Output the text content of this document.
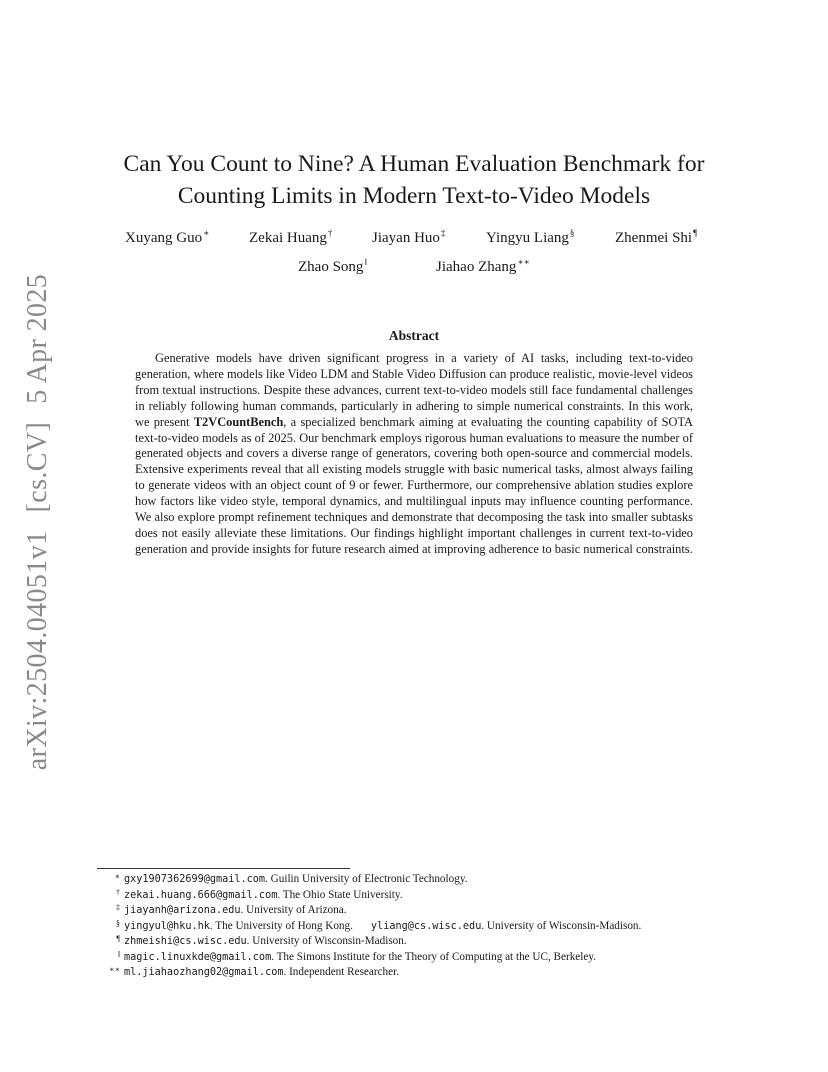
arXiv:2504.04051v1[cs.CV]5 Apr 2025
Can You Count to Nine? A Human Evaluation Benchmark for Counting Limits in Modern Text-to-Video Models
Xuyang Guo∗	Zekai Huang†	Jiayan Huo‡	Yingyu Liang§	Zhenmei Shi¶
Zhao Song‖	Jiahao Zhang∗∗
Abstract

Generative models have driven significant progress in a variety of AI tasks, including text-to-video generation, where models like Video LDM and Stable Video Diffusion can produce realistic, movie-level videos from textual instructions. Despite these advances, current text-to-video models still face fundamental challenges in reliably following human commands, particularly in adhering to simple numerical constraints. In this work, we present T2VCountBench, a specialized benchmark aiming at evaluating the counting capability of SOTA text-to-video models as of 2025. Our benchmark employs rigorous human evaluations to measure the number of generated objects and covers a diverse range of generators, covering both open-source and commercial models. Extensive experiments reveal that all existing models struggle with basic numerical tasks, almost always failing to generate videos with an object count of 9 or fewer. Furthermore, our comprehensive ablation studies explore how factors like video style, temporal dynamics, and multilingual inputs may influence counting performance. We also explore prompt refinement techniques and demonstrate that decomposing the task into smaller subtasks does not easily alleviate these limitations. Our findings highlight important challenges in current text-to-video generation and provide insights for future research aimed at improving adherence to basic numerical constraints.

∗ gxy1907362699@gmail.com. Guilin University of Electronic Technology.
† zekai.huang.666@gmail.com. The Ohio State University.
‡ jiayanh@arizona.edu. University of Arizona.
§ yingyul@hku.hk. The University of Hong Kong. yliang@cs.wisc.edu. University of Wisconsin-Madison.
¶ zhmeishi@cs.wisc.edu. University of Wisconsin-Madison.
‖ magic.linuxkde@gmail.com. The Simons Institute for the Theory of Computing at the UC, Berkeley.
∗∗ ml.jiahaozhang02@gmail.com. Independent Researcher.
